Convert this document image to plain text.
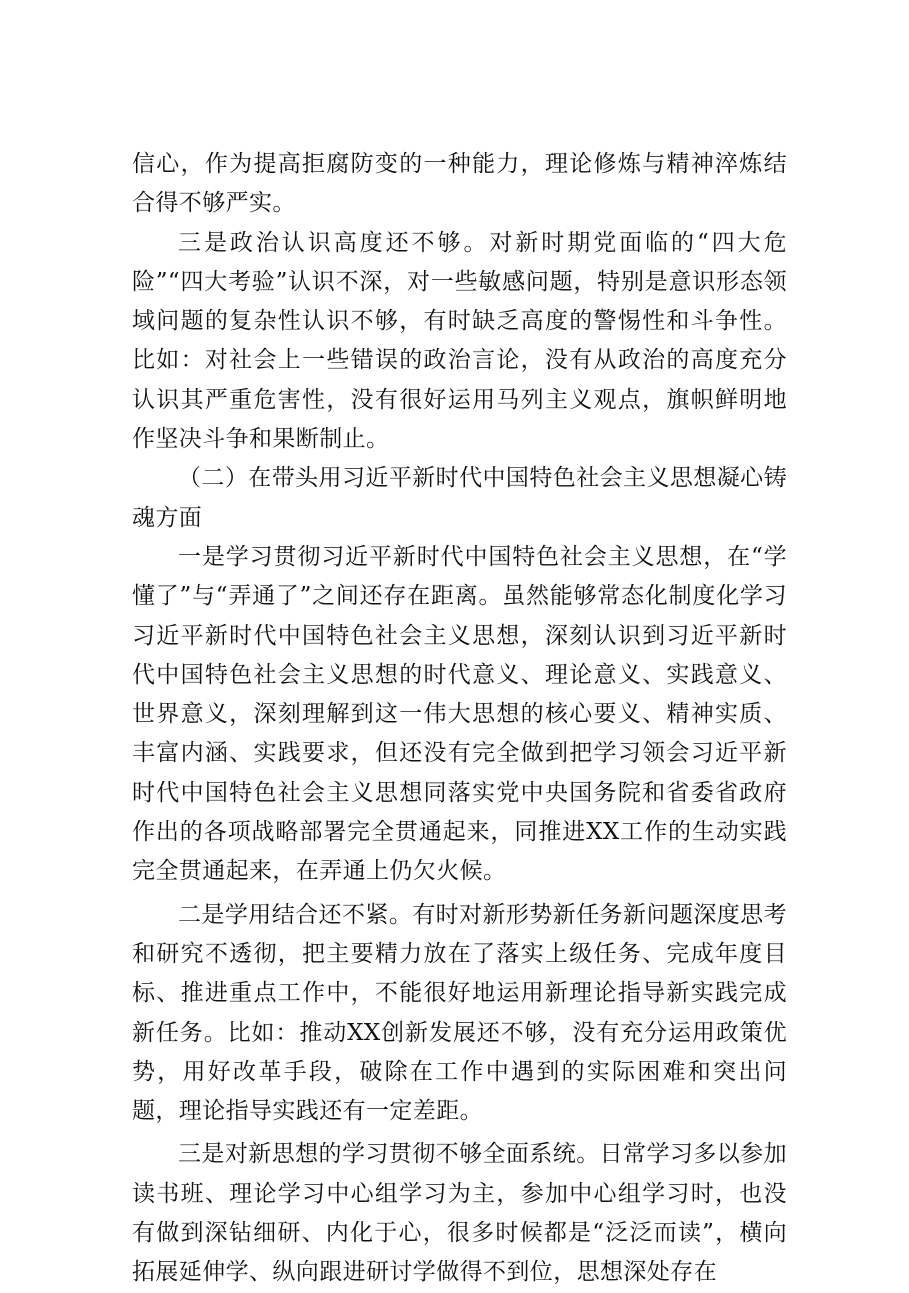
信心，作为提高拒腐防变的一种能力，理论修炼与精神淬炼结合得不够严实。

三是政治认识高度还不够。对新时期党面临的“四大危险”“四大考验”认识不深，对一些敏感问题，特别是意识形态领域问题的复杂性认识不够，有时缺乏高度的警惕性和斗争性。比如：对社会上一些错误的政治言论，没有从政治的高度充分认识其严重危害性，没有很好运用马列主义观点，旗帜鲜明地作坚决斗争和果断制止。

（二）在带头用习近平新时代中国特色社会主义思想凝心铸魂方面

一是学习贯彻习近平新时代中国特色社会主义思想，在“学懂了”与“弄通了”之间还存在距离。虽然能够常态化制度化学习习近平新时代中国特色社会主义思想，深刻认识到习近平新时代中国特色社会主义思想的时代意义、理论意义、实践意义、世界意义，深刻理解到这一伟大思想的核心要义、精神实质、丰富内涵、实践要求，但还没有完全做到把学习领会习近平新时代中国特色社会主义思想同落实党中央国务院和省委省政府作出的各项战略部署完全贯通起来，同推进XX工作的生动实践完全贯通起来，在弄通上仍欠火候。

二是学用结合还不紧。有时对新形势新任务新问题深度思考和研究不透彻，把主要精力放在了落实上级任务、完成年度目标、推进重点工作中，不能很好地运用新理论指导新实践完成新任务。比如：推动XX创新发展还不够，没有充分运用政策优势，用好改革手段，破除在工作中遇到的实际困难和突出问题，理论指导实践还有一定差距。

三是对新思想的学习贯彻不够全面系统。日常学习多以参加读书班、理论学习中心组学习为主，参加中心组学习时，也没有做到深钻细研、内化于心，很多时候都是“泛泛而读”，横向拓展延伸学、纵向跟进研讨学做得不到位，思想深处存在
